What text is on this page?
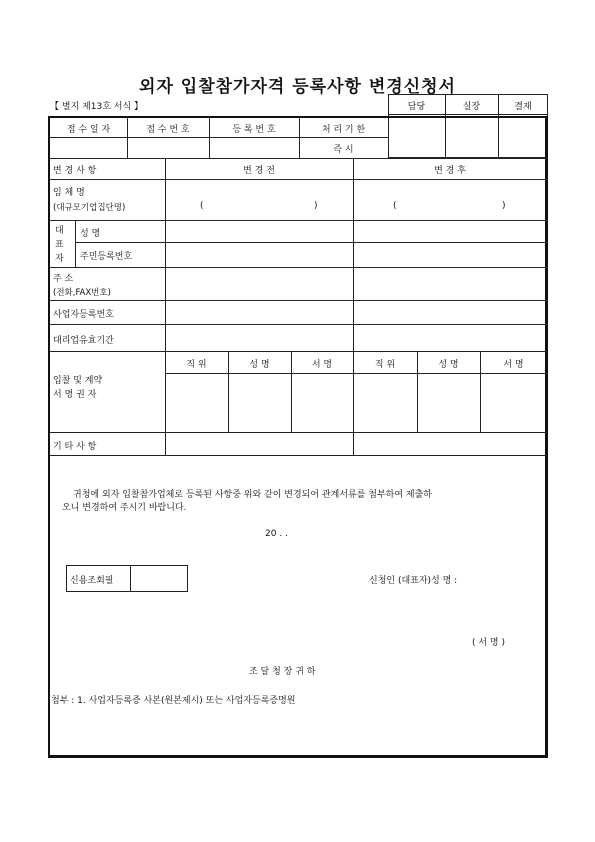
외자 입찰참가자격 등록사항 변경신청서
【 별지 제13호 서식 】	담당	실장	결재
접 수 일 자	접 수 번 호	등 록 번 호	처 리 기 한
즉 시
변 경 사 항	변 경 전	변 경 후
임 체 명
(대규모기업집단명)	(	)	(	)
대
표
자
성 명
주민등록번호
주 소
(전화,FAX번호)
사업자등록번호
대리업유효기간
직 위	성 명	서 명	직 위	성 명	서 명
입찰 및 계약
서 명 권 자
기 타 사 항
귀청에 외자 입찰참가업체로 등록된 사항중 위와 같이 변경되어 관계서류를 첨부하여 제출하
오니 변경하여 주시기 바랍니다.
20 . .
신용조회필	신청인 (대표자)성 명 :
( 서 명 )
조 달 청 장 귀 하
첨부 : 1. 사업자등록증 사본(원본제시) 또는 사업자등록증명원
